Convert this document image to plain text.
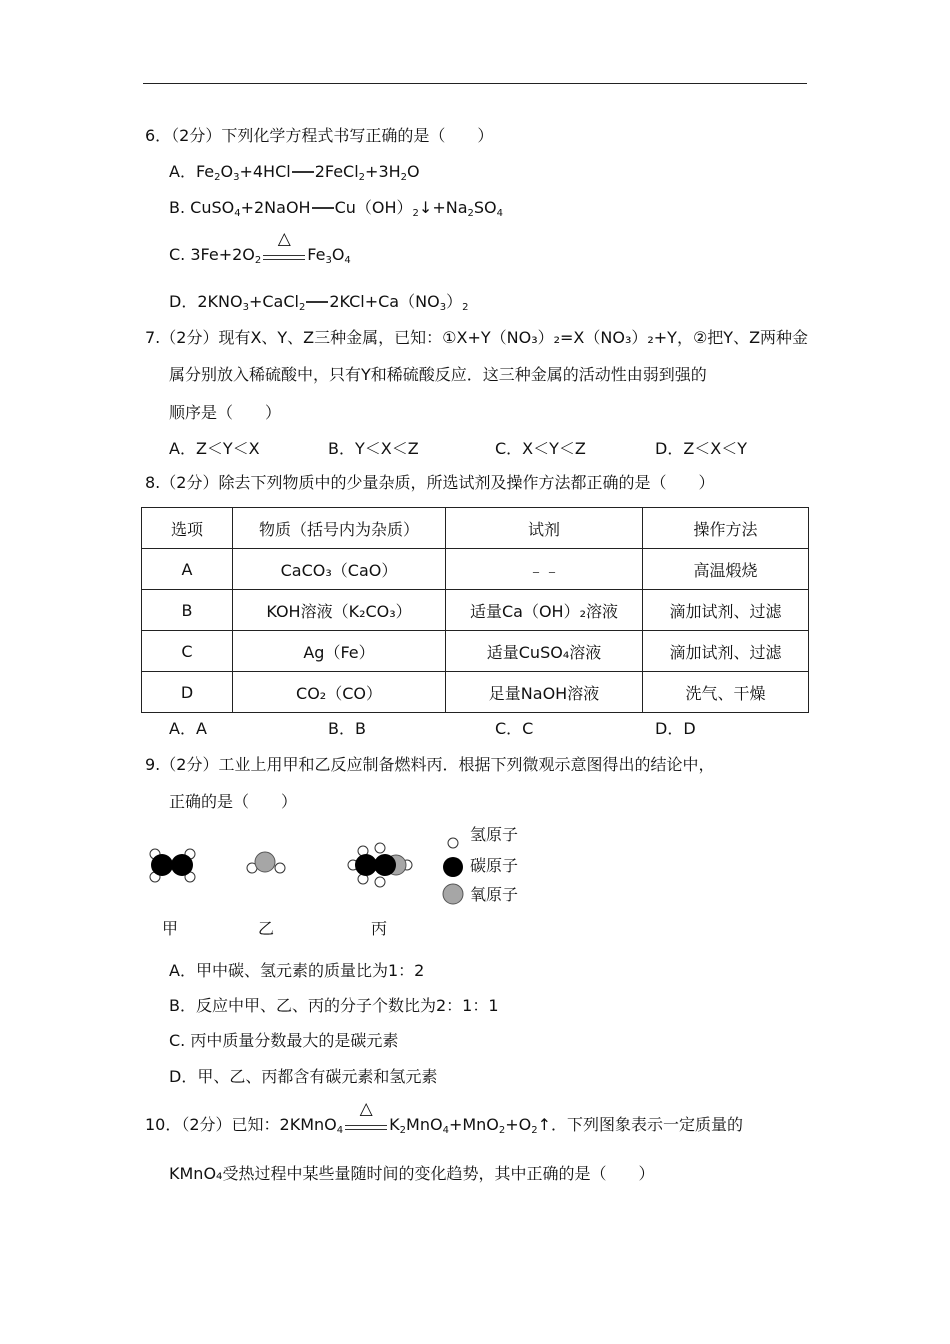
6．（2分）下列化学方程式书写正确的是（　　）
A．$Fe_2O_3+4HCl$ $2FeCl_2+3H_2O$
B. CuSO$_4$+2NaOH $Cu(OH)_2↓+Na_2SO_4$
C. $3Fe+2O_2$
△
$Fe_3O_4$
D．$2KNO_3+CaCl_2$ $2KCl+Ca(NO_3)_2$
7.（2分）现有X、Y、Z三种金属，已知：①X+Y（NO₃）₂=X（NO₃）₂+Y，②把Y、Z两种金
属分别放入稀硫酸中，只有Y和稀硫酸反应．这三种金属的活动性由弱到强的
顺序是（　　）
A．Z＜Y＜X	B．Y＜X＜Z	C．X＜Y＜Z	D．Z＜X＜Y
8.（2分）除去下列物质中的少量杂质，所选试剂及操作方法都正确的是（　　）
选项	物质（括号内为杂质）	试剂	操作方法
A	CaCO₃（CaO）	﹣﹣	高温煅烧
B	KOH溶液（K₂CO₃）	适量Ca（OH）₂溶液	滴加试剂、过滤
C	Ag（Fe）	适量CuSO₄溶液	滴加试剂、过滤
D	CO₂（CO）	足量NaOH溶液	洗气、干燥
A．A	B．B	C．C	D．D
9.（2分）工业上用甲和乙反应制备燃料丙．根据下列微观示意图得出的结论中，
正确的是（　　）
氢原子
碳原子
氧原子
甲	乙	丙
A．甲中碳、氢元素的质量比为1：2
B．反应中甲、乙、丙的分子个数比为2：1：1
C. 丙中质量分数最大的是碳元素
D．甲、乙、丙都含有碳元素和氢元素
10．（2分）已知：2KMnO$_4$
△
$K_2MnO_4+MnO_2+O_2↑$．下列图象表示一定质量的
KMnO₄受热过程中某些量随时间的变化趋势，其中正确的是（　　）
